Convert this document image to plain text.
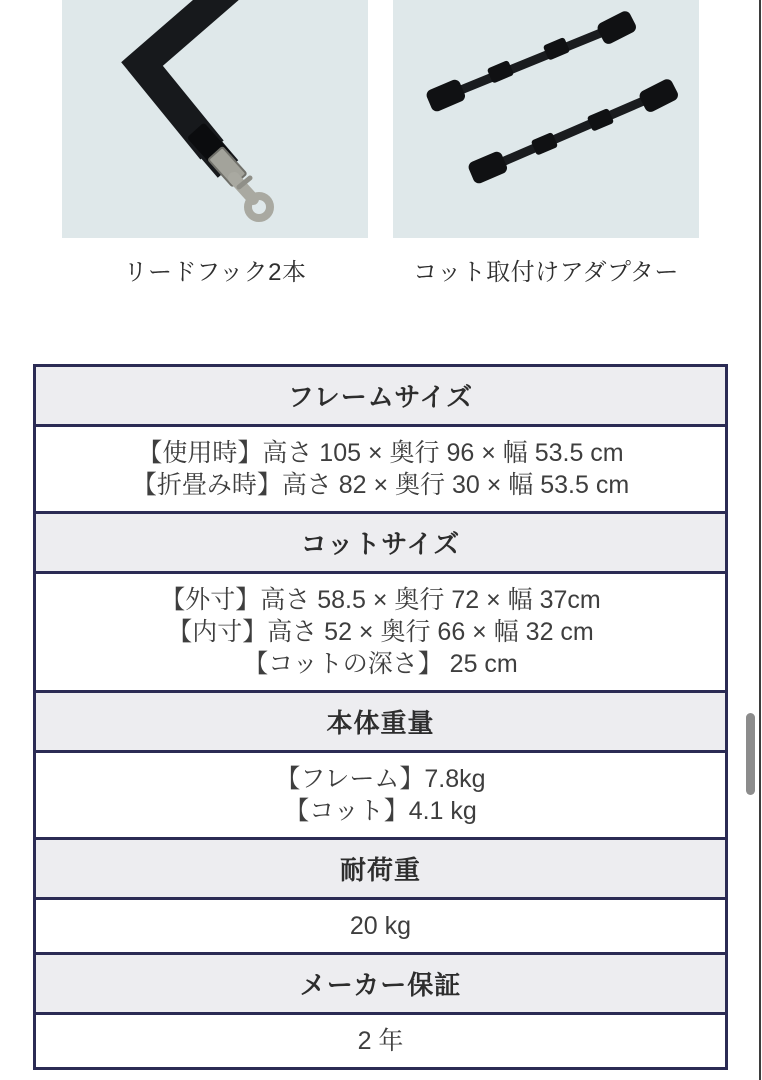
リードフック2本	コット取付けアダプター
フレームサイズ
【使用時】高さ 105 × 奥行 96 × 幅 53.5 cm
【折畳み時】高さ 82 × 奥行 30 × 幅 53.5 cm
コットサイズ
【外寸】高さ 58.5 × 奥行 72 × 幅 37cm
【内寸】高さ 52 × 奥行 66 × 幅 32 cm
【コットの深さ】 25 cm
本体重量
【フレーム】7.8kg
【コット】4.1 kg
耐荷重
20 kg
メーカー保証
2 年
